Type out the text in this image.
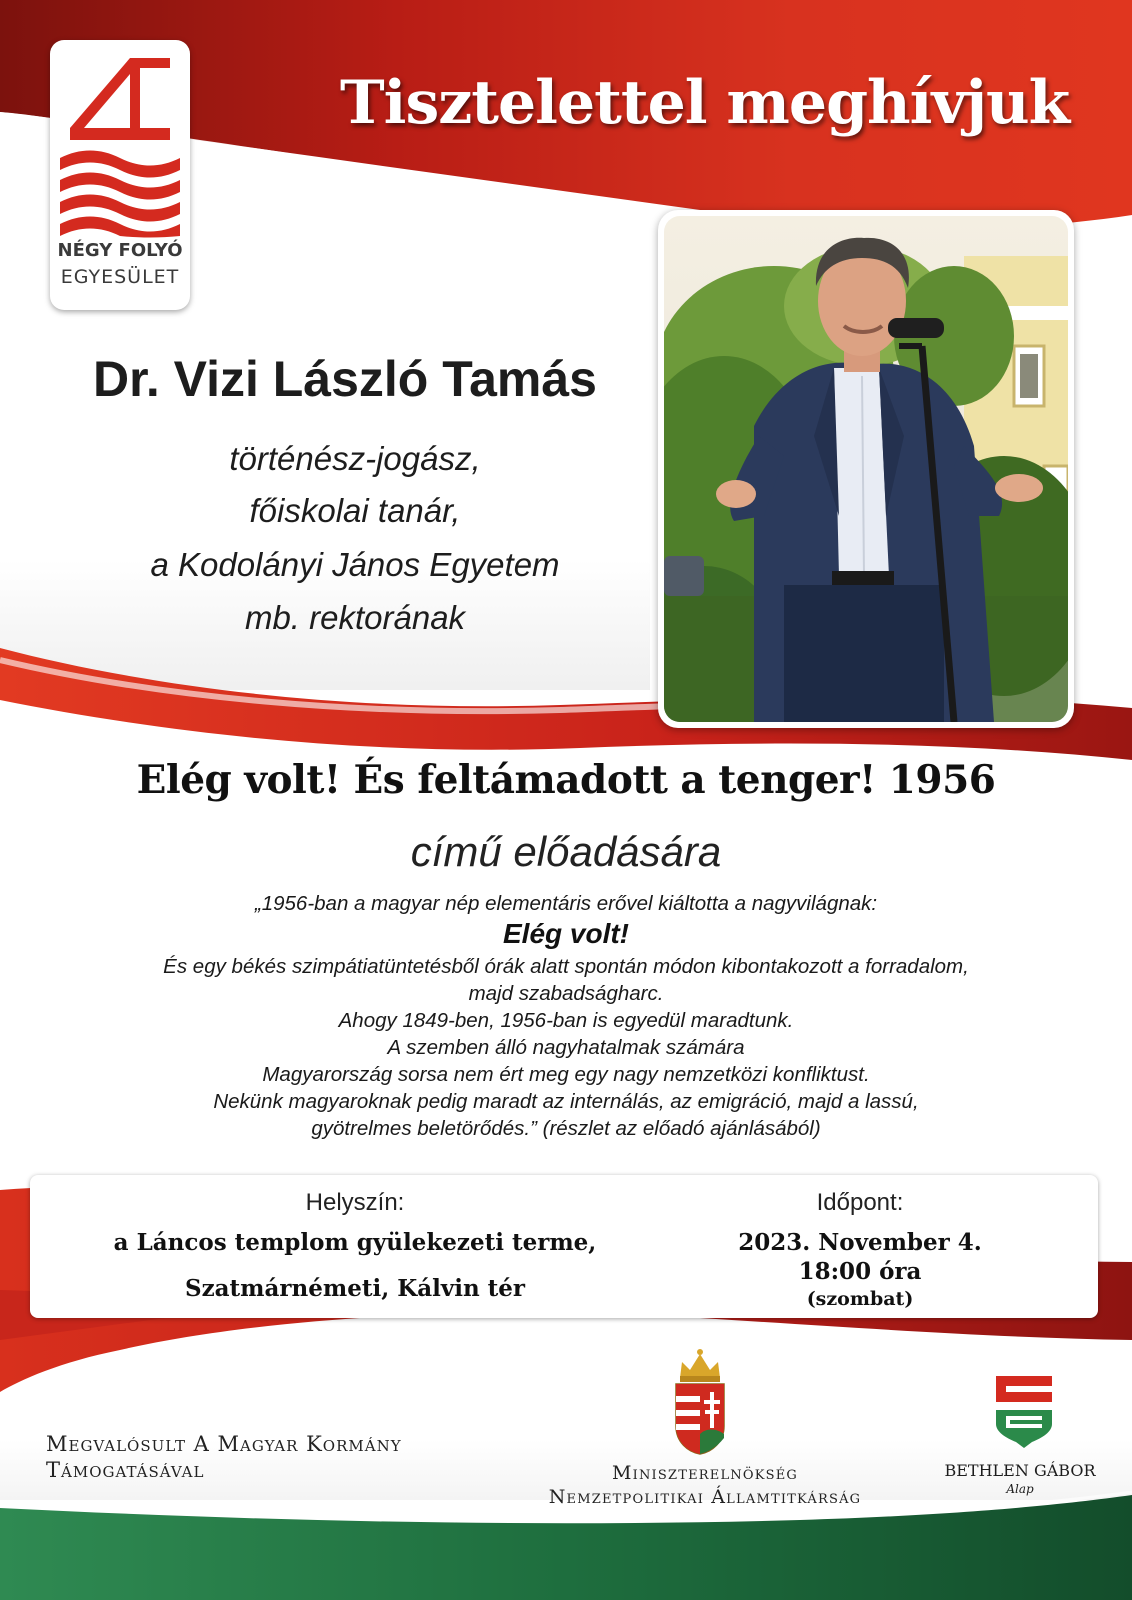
NÉGY FOLYÓ
EGYESÜLET
Tisztelettel meghívjuk
Dr. Vizi László Tamás
történész-jogász,
főiskolai tanár,
a Kodolányi János Egyetem
mb. rektorának
Elég volt! És feltámadott a tenger! 1956
című előadására
„1956-ban a magyar nép elementáris erővel kiáltotta a nagyvilágnak:
Elég volt!
És egy békés szimpátiatüntetésből órák alatt spontán módon kibontakozott a forradalom,
majd szabadságharc.
Ahogy 1849-ben, 1956-ban is egyedül maradtunk.
A szemben álló nagyhatalmak számára
Magyarország sorsa nem ért meg egy nagy nemzetközi konfliktust.
Nekünk magyaroknak pedig maradt az internálás, az emigráció, majd a lassú,
gyötrelmes beletörődés.” (részlet az előadó ajánlásából)
Helyszín:
a Láncos templom gyülekezeti terme,
Szatmárnémeti, Kálvin tér
Időpont:
2023. November 4.
18:00 óra
(szombat)
Megvalósult A Magyar Kormány
Támogatásával	Miniszterelnökség
Nemzetpolitikai Államtitkárság
BETHLEN GÁBOR
Alap
